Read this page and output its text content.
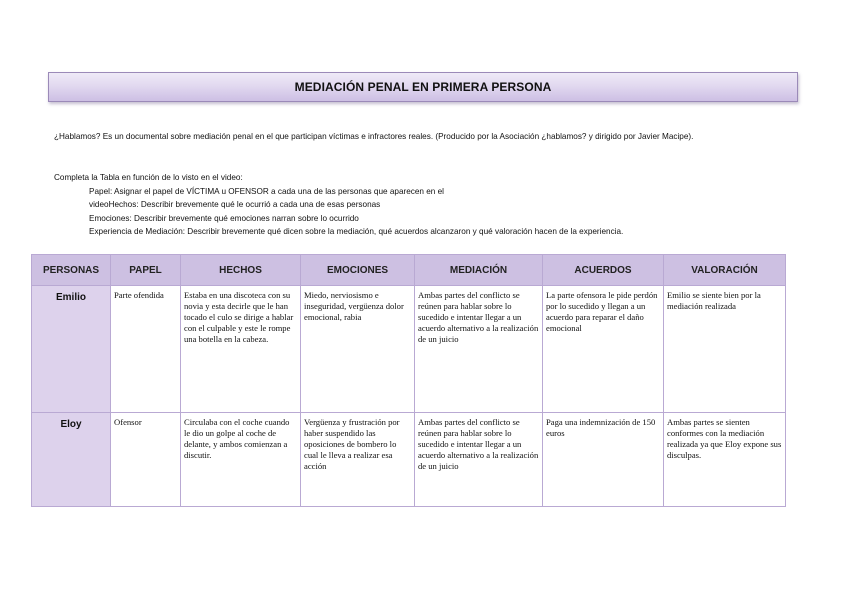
MEDIACIÓN PENAL EN PRIMERA PERSONA
¿Hablamos? Es un documental sobre mediación penal en el que participan víctimas e infractores reales. (Producido por la Asociación ¿hablamos? y dirigido por Javier Macipe).
Completa la Tabla en función de lo visto en el video:
Papel: Asignar el papel de VÍCTIMA u OFENSOR a cada una de las personas que aparecen en el
videoHechos: Describir brevemente qué le ocurrió a cada una de esas personas
Emociones: Describir brevemente qué emociones narran sobre lo ocurrido
Experiencia de Mediación: Describir brevemente qué dicen sobre la mediación, qué acuerdos alcanzaron y qué valoración hacen de la experiencia.
PERSONAS	PAPEL	HECHOS	EMOCIONES	MEDIACIÓN	ACUERDOS	VALORACIÓN
Emilio	Parte ofendida	Estaba en una discoteca con su novia y esta decirle que le han tocado el culo se dirige a hablar con el culpable y este le rompe una botella en la cabeza.	Miedo, nerviosismo e inseguridad, vergüenza dolor emocional, rabia	Ambas partes del conflicto se reúnen para hablar sobre lo sucedido e intentar llegar a un acuerdo alternativo a la realización de un juicio	La parte ofensora le pide perdón por lo sucedido y llegan a un acuerdo para reparar el daño emocional	Emilio se siente bien por la mediación realizada
Eloy	Ofensor	Circulaba con el coche cuando le dio un golpe al coche de delante, y ambos comienzan a discutir.	Vergüenza y frustración por haber suspendido las oposiciones de bombero lo cual le lleva a realizar esa acción	Ambas partes del conflicto se reúnen para hablar sobre lo sucedido e intentar llegar a un acuerdo alternativo a la realización de un juicio	Paga una indemnización de 150 euros	Ambas partes se sienten conformes con la mediación realizada ya que Eloy expone sus disculpas.
